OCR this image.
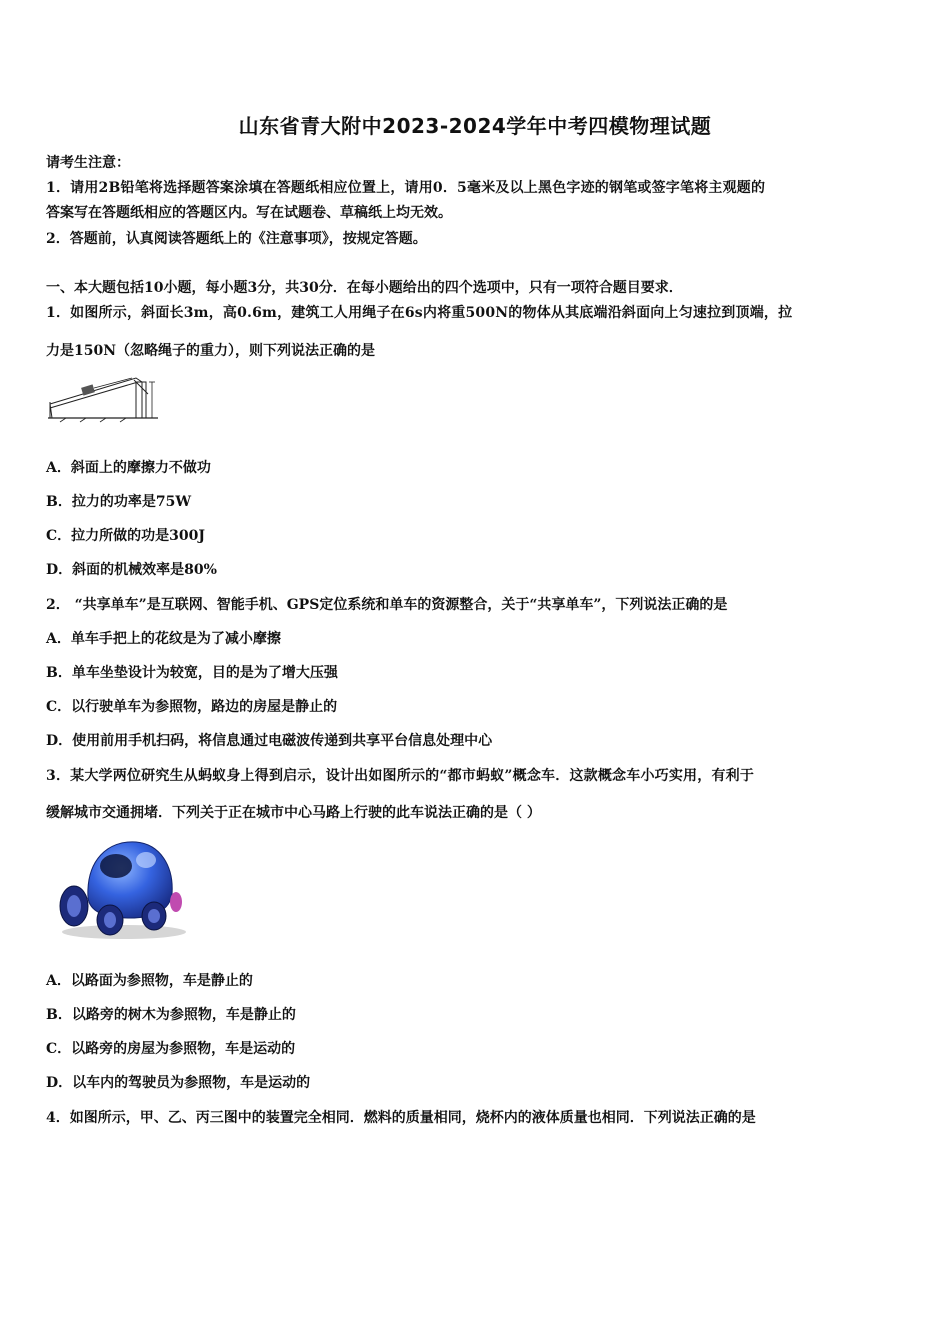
山东省青大附中2023-2024学年中考四模物理试题
请考生注意：
1．请用2B铅笔将选择题答案涂填在答题纸相应位置上，请用0．5毫米及以上黑色字迹的钢笔或签字笔将主观题的
答案写在答题纸相应的答题区内。写在试题卷、草稿纸上均无效。
2．答题前，认真阅读答题纸上的《注意事项》，按规定答题。
一、本大题包括10小题，每小题3分，共30分．在每小题给出的四个选项中，只有一项符合题目要求．
1．如图所示，斜面长3m，高0.6m，建筑工人用绳子在6s内将重500N的物体从其底端沿斜面向上匀速拉到顶端，拉
力是150N（忽略绳子的重力），则下列说法正确的是
A．斜面上的摩擦力不做功
B．拉力的功率是75W
C．拉力所做的功是300J
D．斜面的机械效率是80%
2． “共享单车”是互联网、智能手机、GPS定位系统和单车的资源整合，关于“共享单车”，下列说法正确的是
A．单车手把上的花纹是为了减小摩擦
B．单车坐垫设计为较宽，目的是为了增大压强
C．以行驶单车为参照物，路边的房屋是静止的
D．使用前用手机扫码，将信息通过电磁波传递到共享平台信息处理中心
3．某大学两位研究生从蚂蚁身上得到启示，设计出如图所示的“都市蚂蚁”概念车．这款概念车小巧实用，有利于
缓解城市交通拥堵．下列关于正在城市中心马路上行驶的此车说法正确的是（ ）
A．以路面为参照物，车是静止的
B．以路旁的树木为参照物，车是静止的
C．以路旁的房屋为参照物，车是运动的
D．以车内的驾驶员为参照物，车是运动的
4．如图所示，甲、乙、丙三图中的装置完全相同．燃料的质量相同，烧杯内的液体质量也相同．下列说法正确的是
